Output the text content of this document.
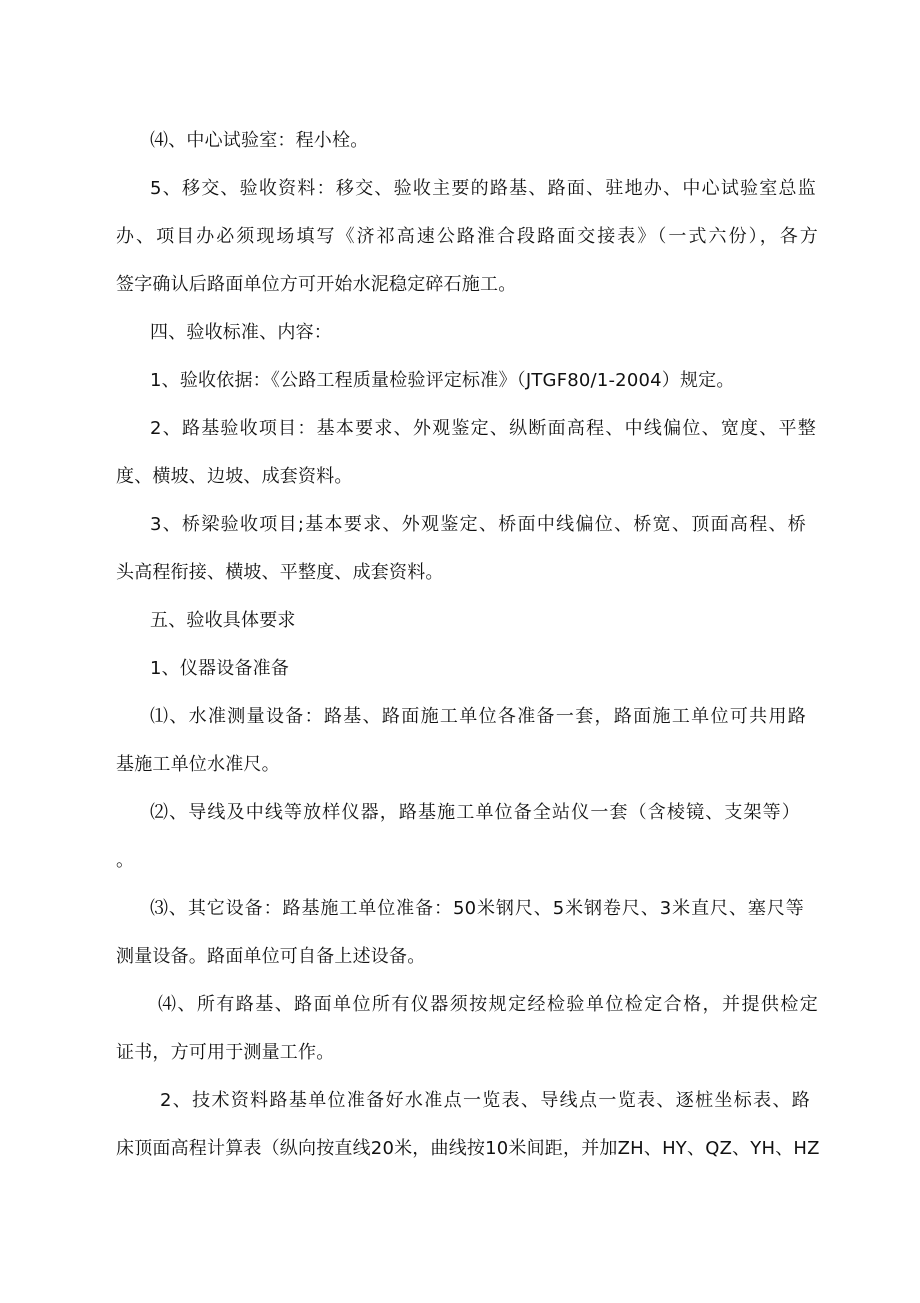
⑷、中心试验室：程小栓。
5、移交、验收资料：移交、验收主要的路基、路面、驻地办、中心试验室总监
办、项目办必须现场填写《济祁高速公路淮合段路面交接表》（一式六份），各方
签字确认后路面单位方可开始水泥稳定碎石施工。
四、验收标准、内容：
1、验收依据：《公路工程质量检验评定标准》（JTGF80/1-2004）规定。
2、路基验收项目：基本要求、外观鉴定、纵断面高程、中线偏位、宽度、平整
度、横坡、边坡、成套资料。
3、桥梁验收项目;基本要求、外观鉴定、桥面中线偏位、桥宽、顶面高程、桥
头高程衔接、横坡、平整度、成套资料。
五、验收具体要求
1、仪器设备准备
⑴、水准测量设备：路基、路面施工单位各准备一套，路面施工单位可共用路
基施工单位水准尺。
⑵、导线及中线等放样仪器，路基施工单位备全站仪一套（含棱镜、支架等）
。
⑶、其它设备：路基施工单位准备：50米钢尺、5米钢卷尺、3米直尺、塞尺等
测量设备。路面单位可自备上述设备。
⑷、所有路基、路面单位所有仪器须按规定经检验单位检定合格，并提供检定
证书，方可用于测量工作。
2、技术资料路基单位准备好水准点一览表、导线点一览表、逐桩坐标表、路
床顶面高程计算表（纵向按直线20米，曲线按10米间距，并加ZH、HY、QZ、YH、HZ
